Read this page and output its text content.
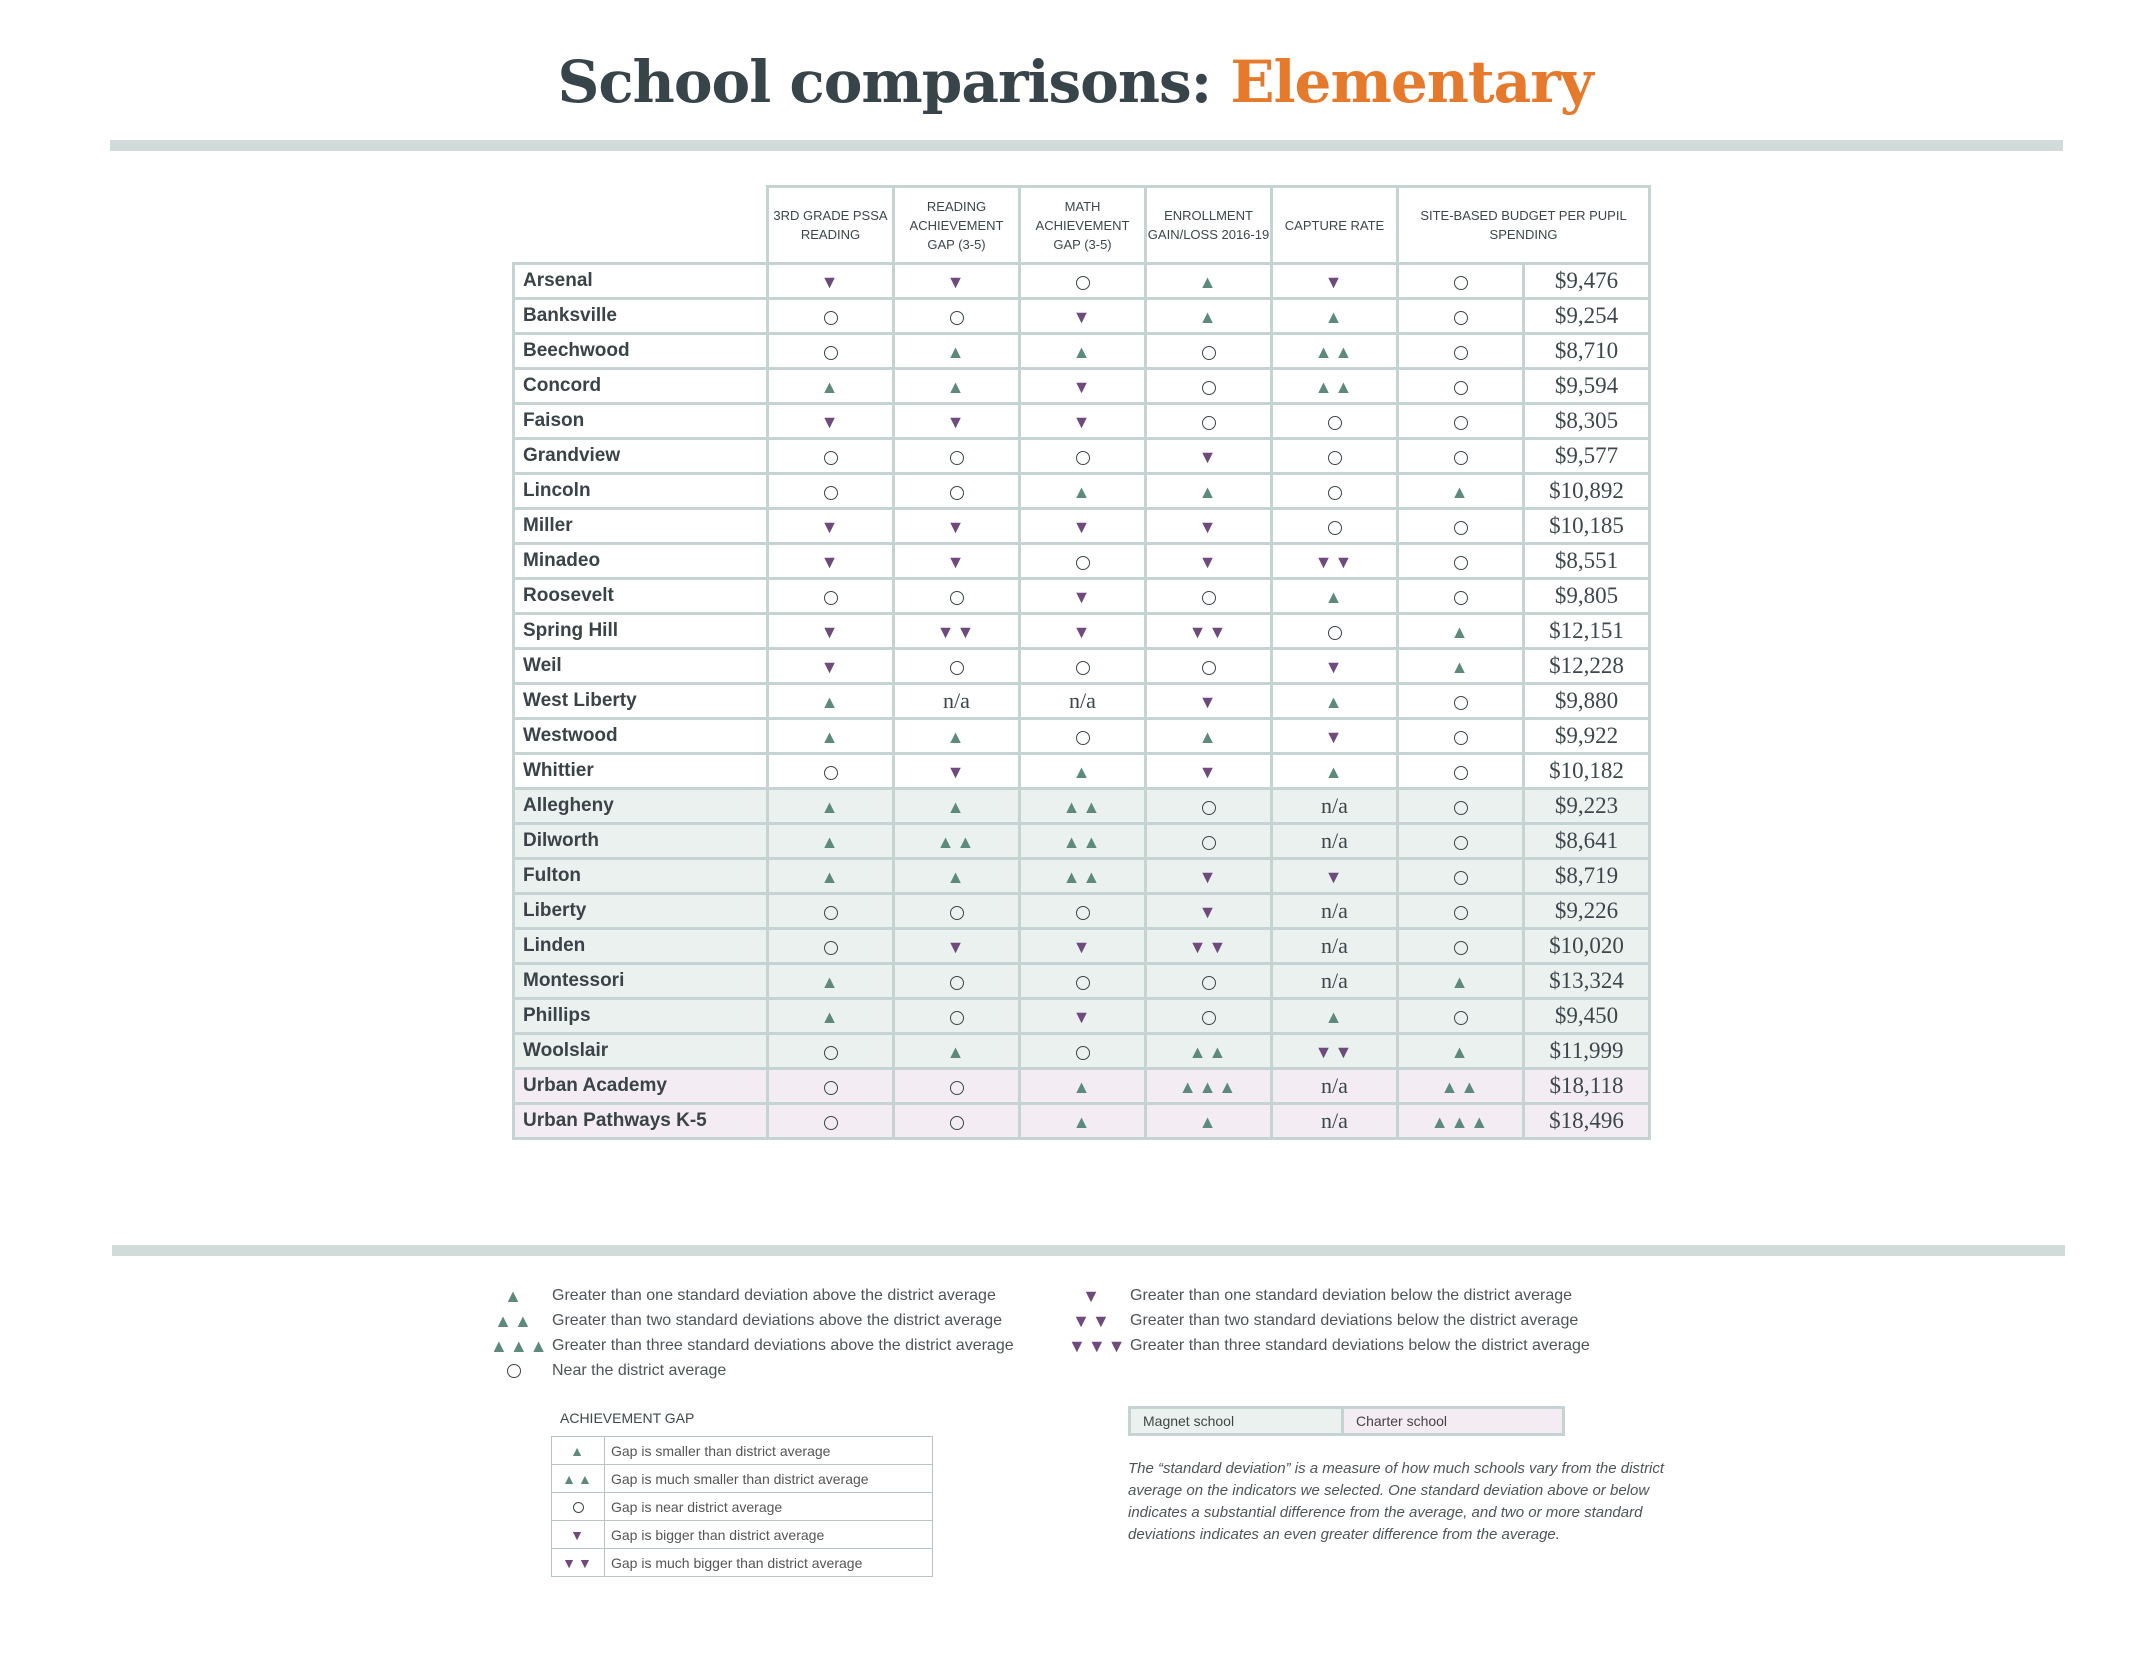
School comparisons: Elementary
	3RD GRADE PSSA READING	READING ACHIEVEMENT GAP (3-5)	MATH ACHIEVEMENT GAP (3-5)	ENROLLMENT GAIN/LOSS 2016-19	CAPTURE RATE	SITE-BASED BUDGET PER PUPIL SPENDING	
Arsenal	▼	▼		▲	▼		$9,476
Banksville			▼	▲	▲		$9,254
Beechwood		▲	▲		▲▲		$8,710
Concord	▲	▲	▼		▲▲		$9,594
Faison	▼	▼	▼				$8,305
Grandview				▼			$9,577
Lincoln			▲	▲		▲	$10,892
Miller	▼	▼	▼	▼			$10,185
Minadeo	▼	▼		▼	▼▼		$8,551
Roosevelt			▼		▲		$9,805
Spring Hill	▼	▼▼	▼	▼▼		▲	$12,151
Weil	▼				▼	▲	$12,228
West Liberty	▲	n/a	n/a	▼	▲		$9,880
Westwood	▲	▲		▲	▼		$9,922
Whittier		▼	▲	▼	▲		$10,182
Allegheny	▲	▲	▲▲		n/a		$9,223
Dilworth	▲	▲▲	▲▲		n/a		$8,641
Fulton	▲	▲	▲▲	▼	▼		$8,719
Liberty				▼	n/a		$9,226
Linden		▼	▼	▼▼	n/a		$10,020
Montessori	▲				n/a	▲	$13,324
Phillips	▲		▼		▲		$9,450
Woolslair		▲		▲▲	▼▼	▲	$11,999
Urban Academy			▲	▲▲▲	n/a	▲▲	$18,118
Urban Pathways K-5			▲	▲	n/a	▲▲▲	$18,496
▲	Greater than one standard deviation above the district average
▲▲ Greater than two standard deviations above the district average
▲▲▲ Greater than three standard deviations above the district average
Near the district average
▼	Greater than one standard deviation below the district average
▼▼ Greater than two standard deviations below the district average
▼▼▼ Greater than three standard deviations below the district average
ACHIEVEMENT GAP
▲	Gap is smaller than district average
▲▲	Gap is much smaller than district average
	Gap is near district average
▼	Gap is bigger than district average
▼▼	Gap is much bigger than district average
Magnet school	Charter school
The “standard deviation” is a measure of how much schools vary from the district average on the indicators we selected. One standard deviation above or below indicates a substantial difference from the average, and two or more standard deviations indicates an even greater difference from the average.
